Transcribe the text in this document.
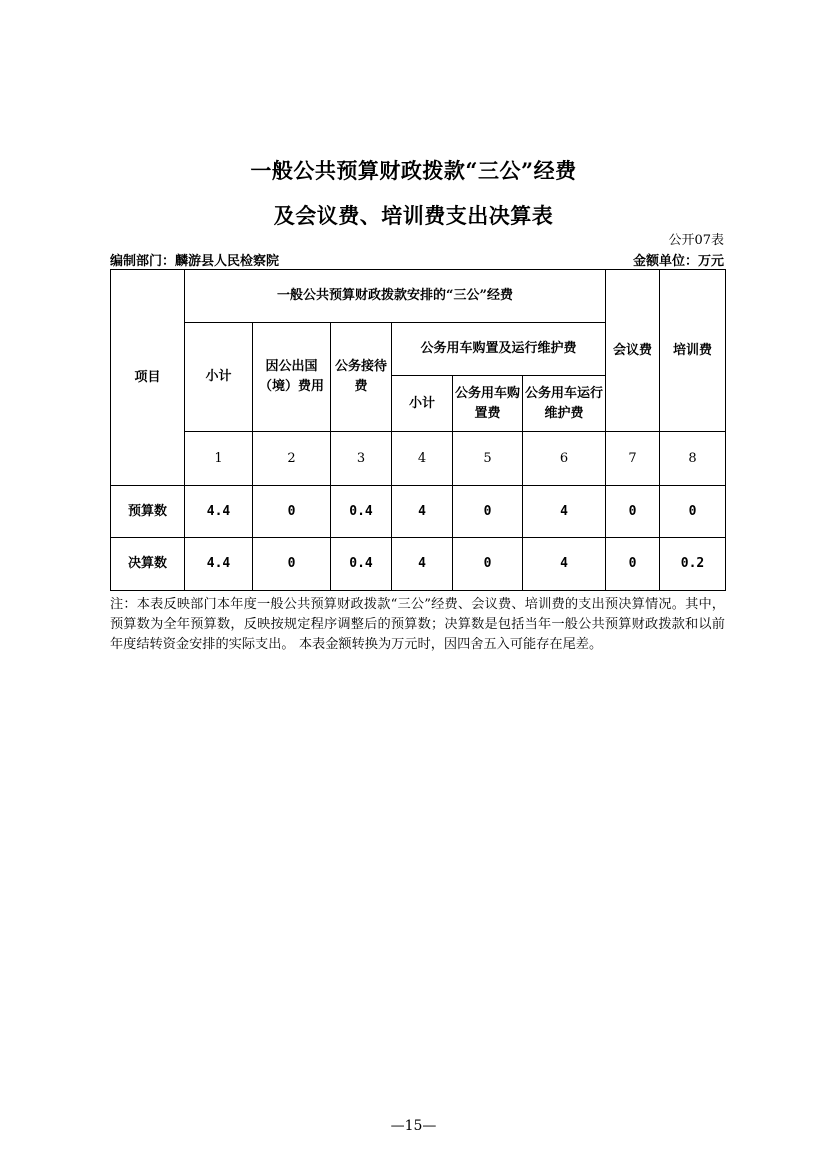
一般公共预算财政拨款“三公”经费
及会议费、培训费支出决算表
公开07表
编制部门：麟游县人民检察院	金额单位：万元
项目	一般公共预算财政拨款安排的“三公”经费						会议费	培训费
	小计	因公出国（境）费用	公务接待费	公务用车购置及运行维护费				
				小计	公务用车购置费	公务用车运行维护费		
	1	2	3	4	5	6	7	8
预算数	4.4	0	0.4	4	0	4	0	0
决算数	4.4	0	0.4	4	0	4	0	0.2
注：本表反映部门本年度一般公共预算财政拨款“三公”经费、会议费、培训费的支出预决算情况。其中，预算数为全年预算数，反映按规定程序调整后的预算数；决算数是包括当年一般公共预算财政拨款和以前年度结转资金安排的实际支出。 本表金额转换为万元时，因四舍五入可能存在尾差。
—15—
